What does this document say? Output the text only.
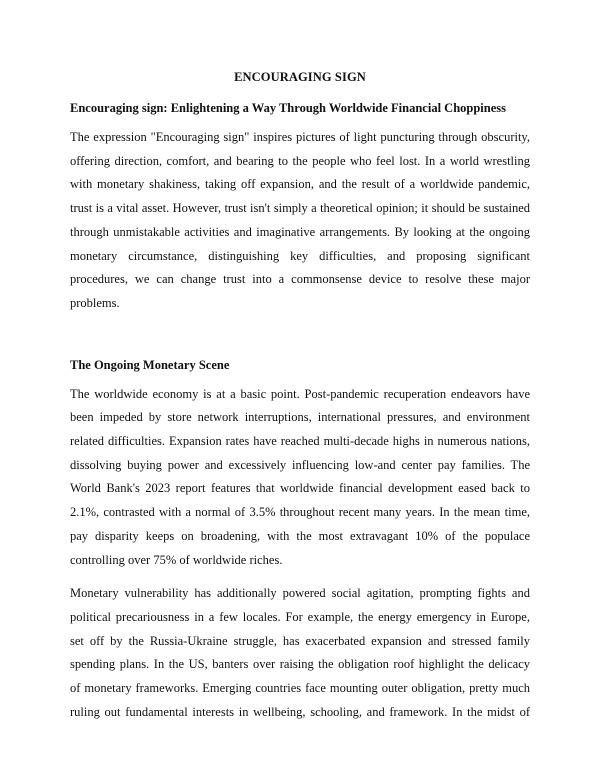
ENCOURAGING SIGN
Encouraging sign: Enlightening a Way Through Worldwide Financial Choppiness
The expression "Encouraging sign" inspires pictures of light puncturing through obscurity,
offering direction, comfort, and bearing to the people who feel lost. In a world wrestling
with monetary shakiness, taking off expansion, and the result of a worldwide pandemic,
trust is a vital asset. However, trust isn't simply a theoretical opinion; it should be sustained
through unmistakable activities and imaginative arrangements. By looking at the ongoing
monetary circumstance, distinguishing key difficulties, and proposing significant
procedures, we can change trust into a commonsense device to resolve these major
problems.
The Ongoing Monetary Scene
The worldwide economy is at a basic point. Post-pandemic recuperation endeavors have
been impeded by store network interruptions, international pressures, and environment
related difficulties. Expansion rates have reached multi-decade highs in numerous nations,
dissolving buying power and excessively influencing low-and center pay families. The
World Bank's 2023 report features that worldwide financial development eased back to
2.1%, contrasted with a normal of 3.5% throughout recent many years. In the mean time,
pay disparity keeps on broadening, with the most extravagant 10% of the populace
controlling over 75% of worldwide riches.
Monetary vulnerability has additionally powered social agitation, prompting fights and
political precariousness in a few locales. For example, the energy emergency in Europe,
set off by the Russia-Ukraine struggle, has exacerbated expansion and stressed family
spending plans. In the US, banters over raising the obligation roof highlight the delicacy
of monetary frameworks. Emerging countries face mounting outer obligation, pretty much
ruling out fundamental interests in wellbeing, schooling, and framework. In the midst of
